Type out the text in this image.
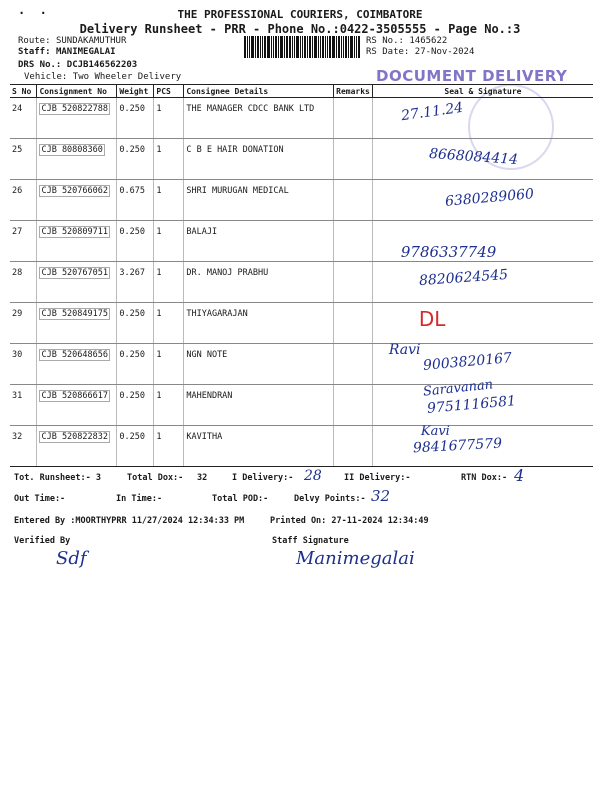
·  ·	THE PROFESSIONAL COURIERS, COIMBATORE
Delivery Runsheet - PRR - Phone No.:0422-3505555 - Page No.:3
Route: SUNDAKAMUTHUR
Staff: MANIMEGALAI
DRS No.: DCJB146562203
Vehicle: Two Wheeler Delivery
RS No.: 1465622
RS Date: 27-Nov-2024
DOCUMENT DELIVERY
S No	Consignment No	Weight	PCS	Consignee Details	Remarks	Seal & Signature
24	CJB 520822788	0.250	1	THE MANAGER CDCC BANK LTD		27.11.24

25	CJB 80808360	0.250	1	C B E HAIR DONATION		8668084414

26	CJB 520766062	0.675	1	SHRI MURUGAN MEDICAL		6380289060

27	CJB 520809711	0.250	1	BALAJI		9786337749

28	CJB 520767051	3.267	1	DR. MANOJ PRABHU		8820624545

29	CJB 520849175	0.250	1	THIYAGARAJAN		DL

30	CJB 520648656	0.250	1	NGN NOTE		Ravi
9003820167

31	CJB 520866617	0.250	1	MAHENDRAN		Saravanan
9751116581

32	CJB 520822832	0.250	1	KAVITHA		Kavi
9841677579
Tot. Runsheet:- 3	Total Dox:- 32	I Delivery:- 28	II Delivery:-	RTN Dox:- 4
Out Time:-	In Time:-	Total POD:-	Delvy Points:- 32
Entered By :MOORTHYPRR 11/27/2024 12:34:33 PM	Printed On: 27-11-2024 12:34:49
Verified By
Sdf
Staff Signature
Manimegalai
